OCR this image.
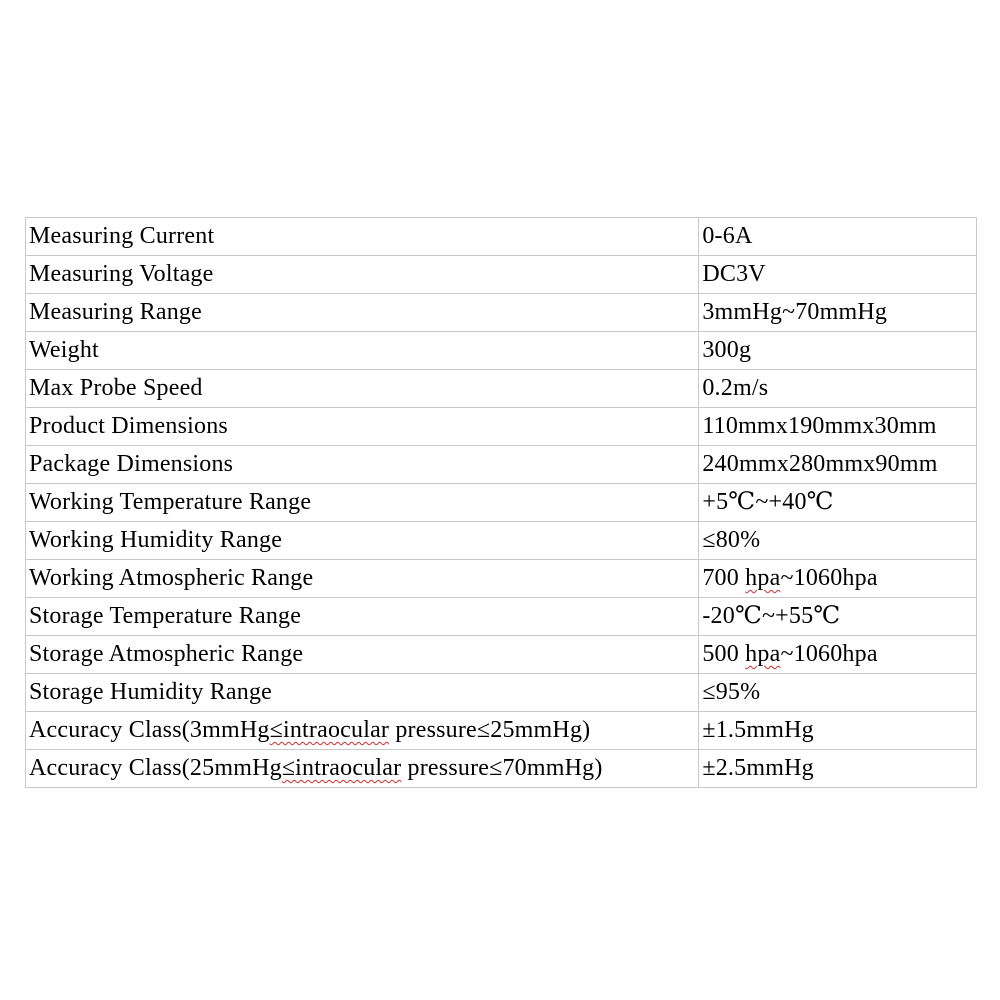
Measuring Current	0-6A
Measuring Voltage	DC3V
Measuring Range	3mmHg~70mmHg
Weight	300g
Max Probe Speed	0.2m/s
Product Dimensions	110mmx190mmx30mm
Package Dimensions	240mmx280mmx90mm
Working Temperature Range	+5℃~+40℃
Working Humidity Range	≤80%
Working Atmospheric Range	700 hpa~1060hpa
Storage Temperature Range	-20℃~+55℃
Storage Atmospheric Range	500 hpa~1060hpa
Storage Humidity Range	≤95%
Accuracy Class(3mmHg≤intraocular pressure≤25mmHg)	±1.5mmHg
Accuracy Class(25mmHg≤intraocular pressure≤70mmHg)	±2.5mmHg
